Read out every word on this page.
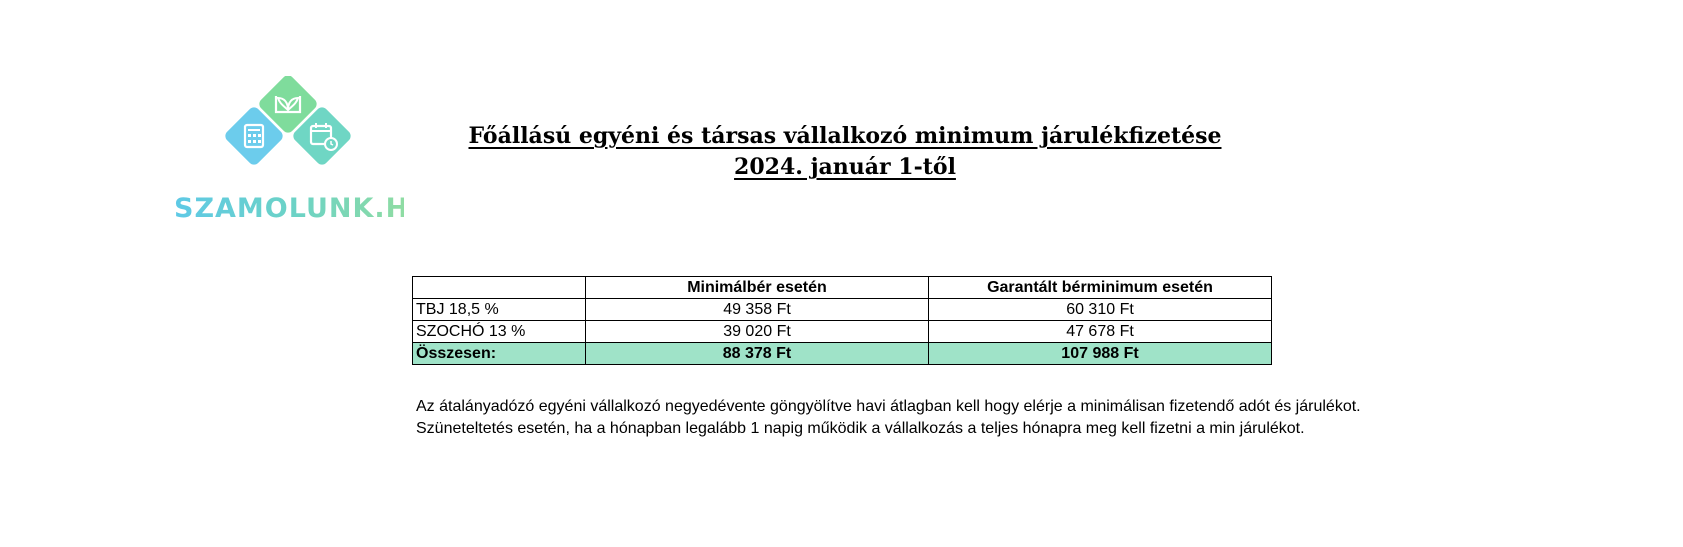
SZAMOLUNK.HU
Főállású egyéni és társas vállalkozó minimum járulékfizetése
2024. január 1-től
	Minimálbér esetén	Garantált bérminimum esetén
TBJ 18,5 %	49 358 Ft	60 310 Ft
SZOCHÓ 13 %	39 020 Ft	47 678 Ft
Összesen:	88 378 Ft	107 988 Ft

Az átalányadózó egyéni vállalkozó negyedévente göngyölítve havi átlagban kell hogy elérje a minimálisan fizetendő adót és járulékot.

Szüneteltetés esetén, ha a hónapban legalább 1 napig működik a vállalkozás a teljes hónapra meg kell fizetni a min járulékot.
